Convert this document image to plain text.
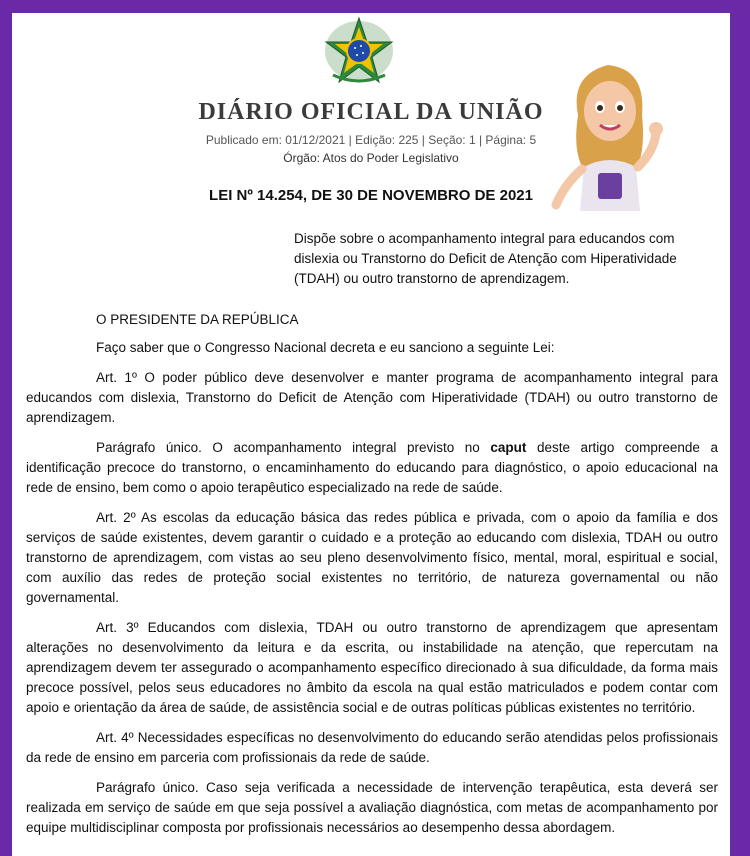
DIÁRIO OFICIAL DA UNIÃO
Publicado em: 01/12/2021 | Edição: 225 | Seção: 1 | Página: 5
Órgão: Atos do Poder Legislativo
LEI Nº 14.254, DE 30 DE NOVEMBRO DE 2021
Dispõe sobre o acompanhamento integral para educandos com dislexia ou Transtorno do Deficit de Atenção com Hiperatividade (TDAH) ou outro transtorno de aprendizagem.

O PRESIDENTE DA REPÚBLICA

Faço saber que o Congresso Nacional decreta e eu sanciono a seguinte Lei:

Art. 1º O poder público deve desenvolver e manter programa de acompanhamento integral para educandos com dislexia, Transtorno do Deficit de Atenção com Hiperatividade (TDAH) ou outro transtorno de aprendizagem.

Parágrafo único. O acompanhamento integral previsto no caput deste artigo compreende a identificação precoce do transtorno, o encaminhamento do educando para diagnóstico, o apoio educacional na rede de ensino, bem como o apoio terapêutico especializado na rede de saúde.

Art. 2º As escolas da educação básica das redes pública e privada, com o apoio da família e dos serviços de saúde existentes, devem garantir o cuidado e a proteção ao educando com dislexia, TDAH ou outro transtorno de aprendizagem, com vistas ao seu pleno desenvolvimento físico, mental, moral, espiritual e social, com auxílio das redes de proteção social existentes no território, de natureza governamental ou não governamental.

Art. 3º Educandos com dislexia, TDAH ou outro transtorno de aprendizagem que apresentam alterações no desenvolvimento da leitura e da escrita, ou instabilidade na atenção, que repercutam na aprendizagem devem ter assegurado o acompanhamento específico direcionado à sua dificuldade, da forma mais precoce possível, pelos seus educadores no âmbito da escola na qual estão matriculados e podem contar com apoio e orientação da área de saúde, de assistência social e de outras políticas públicas existentes no território.

Art. 4º Necessidades específicas no desenvolvimento do educando serão atendidas pelos profissionais da rede de ensino em parceria com profissionais da rede de saúde.

Parágrafo único. Caso seja verificada a necessidade de intervenção terapêutica, esta deverá ser realizada em serviço de saúde em que seja possível a avaliação diagnóstica, com metas de acompanhamento por equipe multidisciplinar composta por profissionais necessários ao desempenho dessa abordagem.
